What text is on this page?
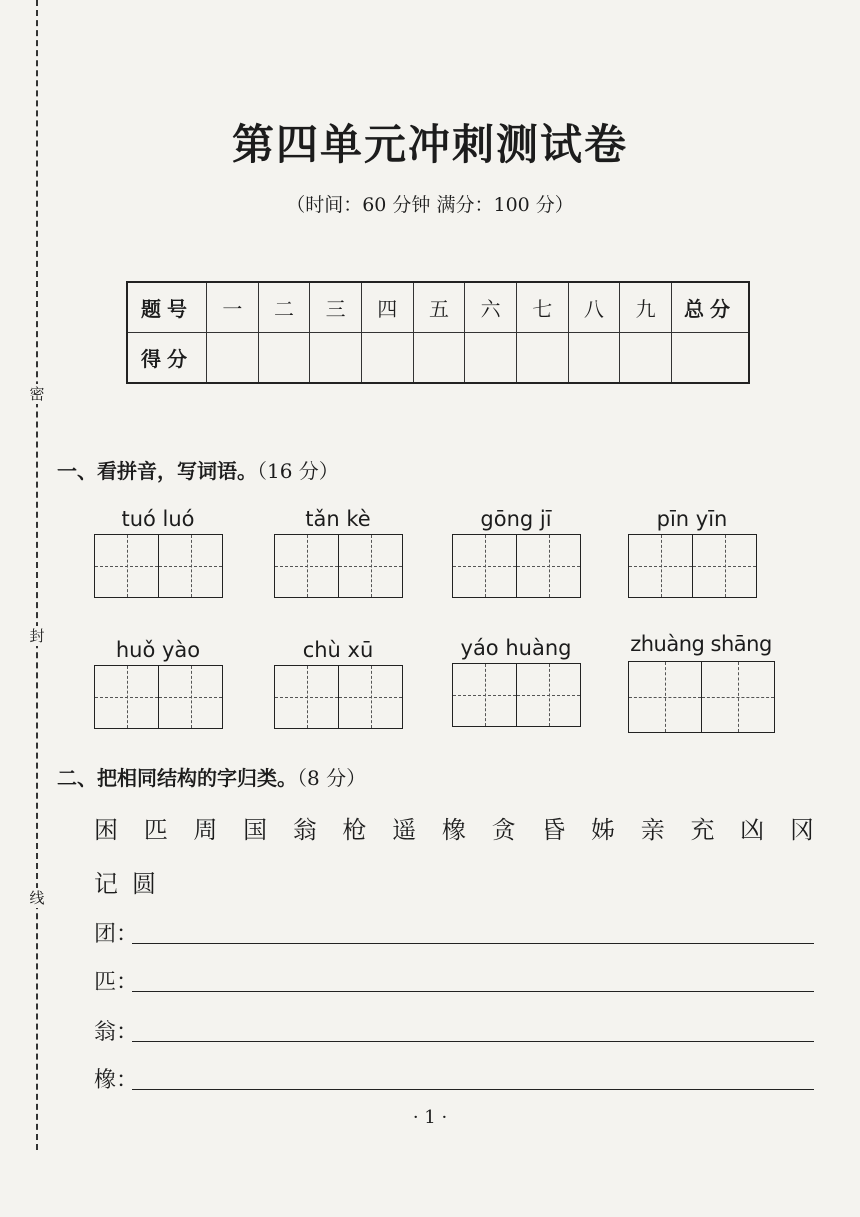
密
封
线
第四单元冲刺测试卷
（时间：60 分钟 满分：100 分）
题号	一	二	三	四	五	六	七	八	九	总分
得分										
一、看拼音，写词语。（16 分）
tuó luó	tǎn kè	gōng jī	pīn yīn
huǒ yào	chù xū	yáo huàng	zhuàng shāng
二、把相同结构的字归类。（8 分）
困 匹 周 国 翁 枪 遥 橡 贪 昏 姊 亲 充 凶 冈
记圆
团：
匹：
翁：
橡：
· 1 ·
